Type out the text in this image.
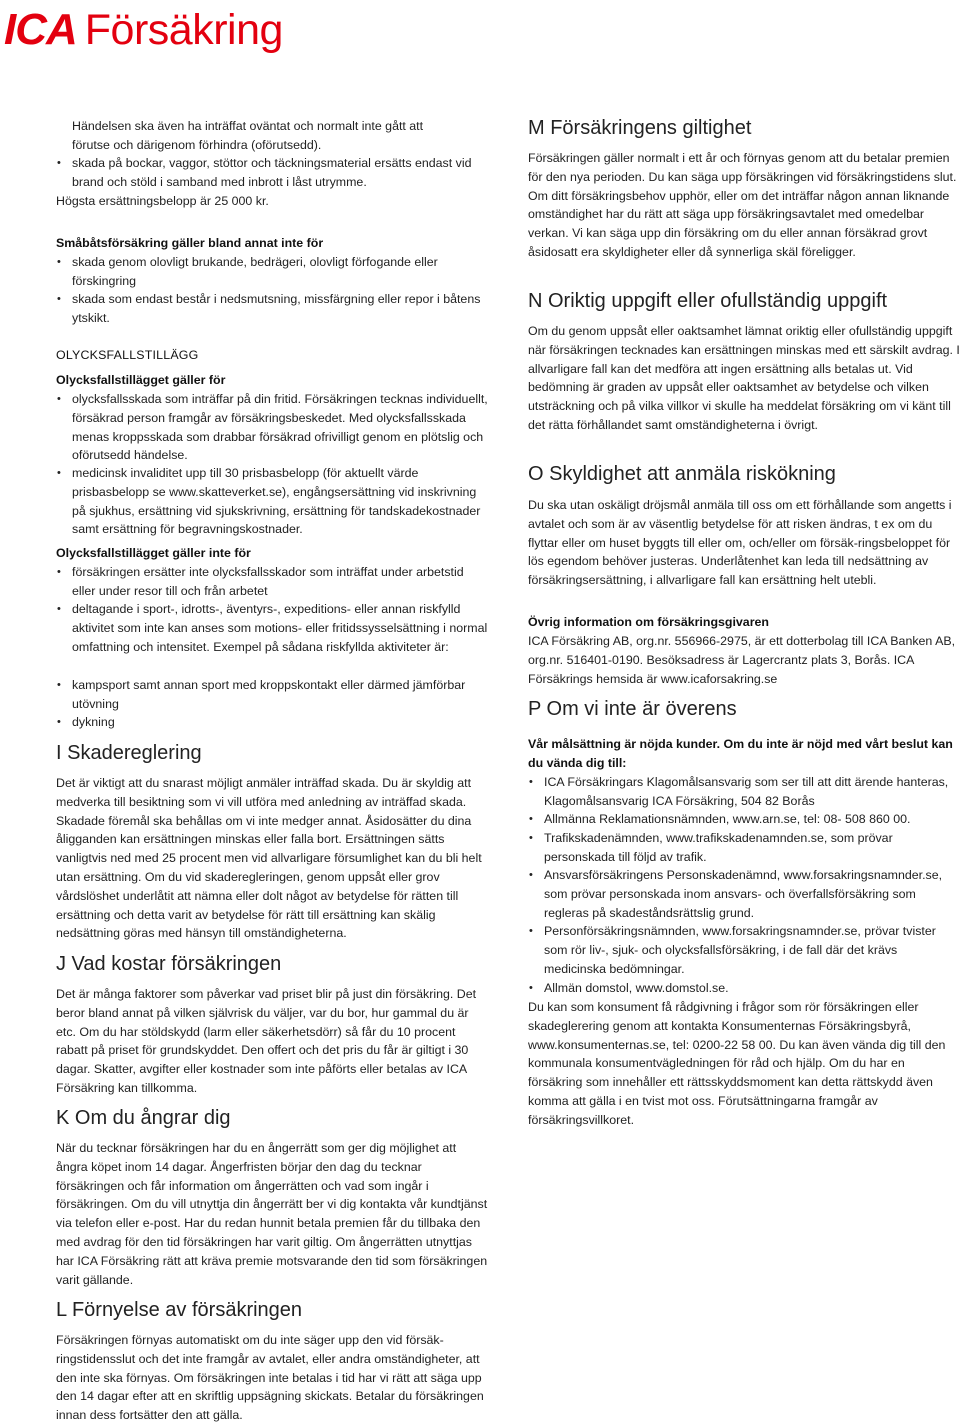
ICA Försäkring
Händelsen ska även ha inträffat oväntat och normalt inte gått att
förutse och därigenom förhindra (oförutsedd).
• skada på bockar, vaggor, stöttor och täckningsmaterial ersätts endast vid brand och stöld i samband med inbrott i låst utrymme.
Högsta ersättningsbelopp är 25 000 kr.
Småbåtsförsäkring gäller bland annat inte för
• skada genom olovligt brukande, bedrägeri, olovligt förfogande eller förskingring
• skada som endast består i nedsmutsning, missfärgning eller repor i båtens ytskikt.
OLYCKSFALLSTILLÄGG
Olycksfallstillägget gäller för
• olycksfallsskada som inträffar på din fritid. Försäkringen tecknas individuellt, försäkrad person framgår av försäkringsbeskedet. Med olycksfallsskada menas kroppsskada som drabbar försäkrad ofrivilligt genom en plötslig och oförutsedd händelse.
• medicinsk invaliditet upp till 30 prisbasbelopp (för aktuellt värde prisbasbelopp se www.skatteverket.se), engångsersättning vid inskrivning på sjukhus, ersättning vid sjukskrivning, ersättning för tandskadekostnader samt ersättning för begravningskostnader.
Olycksfallstillägget gäller inte för
• försäkringen ersätter inte olycksfallsskador som inträffat under arbetstid eller under resor till och från arbetet
• deltagande i sport-, idrotts-, äventyrs-, expeditions- eller annan riskfylld aktivitet som inte kan anses som motions- eller fritidssysselsättning i normal omfattning och intensitet. Exempel på sådana riskfyllda aktiviteter är:
• kampsport samt annan sport med kroppskontakt eller därmed jämförbar utövning
• dykning
I Skadereglering
Det är viktigt att du snarast möjligt anmäler inträffad skada. Du är skyldig att medverka till besiktning som vi vill utföra med anledning av inträffad skada. Skadade föremål ska behållas om vi inte medger annat. Åsidosätter du dina åligganden kan ersättningen minskas eller falla bort. Ersättningen sätts vanligtvis ned med 25 procent men vid allvarligare försumlighet kan du bli helt utan ersättning. Om du vid skaderegleringen, genom uppsåt eller grov vårdslöshet underlåtit att nämna eller dolt något av betydelse för rätten till ersättning och detta varit av betydelse för rätt till ersättning kan skälig nedsättning göras med hänsyn till omständigheterna.
J Vad kostar försäkringen
Det är många faktorer som påverkar vad priset blir på just din försäkring. Det beror bland annat på vilken självrisk du väljer, var du bor, hur gammal du är etc. Om du har stöldskydd (larm eller säkerhetsdörr) så får du 10 procent rabatt på priset för grundskyddet. Den offert och det pris du får är giltigt i 30 dagar. Skatter, avgifter eller kostnader som inte påförts eller betalas av ICA Försäkring kan tillkomma.
K Om du ångrar dig
När du tecknar försäkringen har du en ångerrätt som ger dig möjlighet att ångra köpet inom 14 dagar. Ångerfristen börjar den dag du tecknar försäkringen och får information om ångerrätten och vad som ingår i försäkringen. Om du vill utnyttja din ångerrätt ber vi dig kontakta vår kundtjänst via telefon eller e-post. Har du redan hunnit betala premien får du tillbaka den med avdrag för den tid försäkringen har varit giltig. Om ångerrätten utnyttjas har ICA Försäkring rätt att kräva premie motsvarande den tid som försäkringen varit gällande.
L Förnyelse av försäkringen
Försäkringen förnyas automatiskt om du inte säger upp den vid försäk-ringstidensslut och det inte framgår av avtalet, eller andra omständigheter, att den inte ska förnyas. Om försäkringen inte betalas i tid har vi rätt att säga upp den 14 dagar efter att en skriftlig uppsägning skickats. Betalar du försäkringen innan dess fortsätter den att gälla.
M Försäkringens giltighet
Försäkringen gäller normalt i ett år och förnyas genom att du betalar premien för den nya perioden. Du kan säga upp försäkringen vid försäkringstidens slut. Om ditt försäkringsbehov upphör, eller om det inträffar någon annan liknande omständighet har du rätt att säga upp försäkringsavtalet med omedelbar verkan. Vi kan säga upp din försäkring om du eller annan försäkrad grovt åsidosatt era skyldigheter eller då synnerliga skäl föreligger.
N Oriktig uppgift eller ofullständig uppgift
Om du genom uppsåt eller oaktsamhet lämnat oriktig eller ofullständig uppgift när försäkringen tecknades kan ersättningen minskas med ett särskilt avdrag. I allvarligare fall kan det medföra att ingen ersättning alls betalas ut. Vid bedömning är graden av uppsåt eller oaktsamhet av betydelse och vilken utsträckning och på vilka villkor vi skulle ha meddelat försäkring om vi känt till det rätta förhållandet samt omständigheterna i övrigt.
O Skyldighet att anmäla riskökning
Du ska utan oskäligt dröjsmål anmäla till oss om ett förhållande som angetts i avtalet och som är av väsentlig betydelse för att risken ändras, t ex om du flyttar eller om huset byggts till eller om, och/eller om försäk-ringsbeloppet för lös egendom behöver justeras. Underlåtenhet kan leda till nedsättning av försäkringsersättning, i allvarligare fall kan ersättning helt utebli.
Övrig information om försäkringsgivaren
ICA Försäkring AB, org.nr. 556966-2975, är ett dotterbolag till ICA Banken AB, org.nr. 516401-0190. Besöksadress är Lagercrantz plats 3, Borås. ICA Försäkrings hemsida är www.icaforsakring.se
P Om vi inte är överens
Vår målsättning är nöjda kunder. Om du inte är nöjd med vårt beslut kan du vända dig till:
• ICA Försäkringars Klagomålsansvarig som ser till att ditt ärende hanteras, Klagomålsansvarig ICA Försäkring, 504 82 Borås
• Allmänna Reklamationsnämnden, www.arn.se, tel: 08- 508 860 00.
• Trafikskadenämnden, www.trafikskadenamnden.se, som prövar personskada till följd av trafik.
• Ansvarsförsäkringens Personskadenämnd, www.forsakringsnamnder.se, som prövar personskada inom ansvars- och överfallsförsäkring som regleras på skadeståndsrättslig grund.
• Personförsäkringsnämnden, www.forsakringsnamnder.se, prövar tvister som rör liv-, sjuk- och olycksfallsförsäkring, i de fall där det krävs medicinska bedömningar.
• Allmän domstol, www.domstol.se.
Du kan som konsument få rådgivning i frågor som rör försäkringen eller skadeglerering genom att kontakta Konsumenternas Försäkringsbyrå, www.konsumenternas.se, tel: 0200-22 58 00. Du kan även vända dig till den kommunala konsumentvägledningen för råd och hjälp. Om du har en försäkring som innehåller ett rättsskyddsmoment kan detta rättskydd även komma att gälla i en tvist mot oss. Förutsättningarna framgår av försäkringsvillkoret.
